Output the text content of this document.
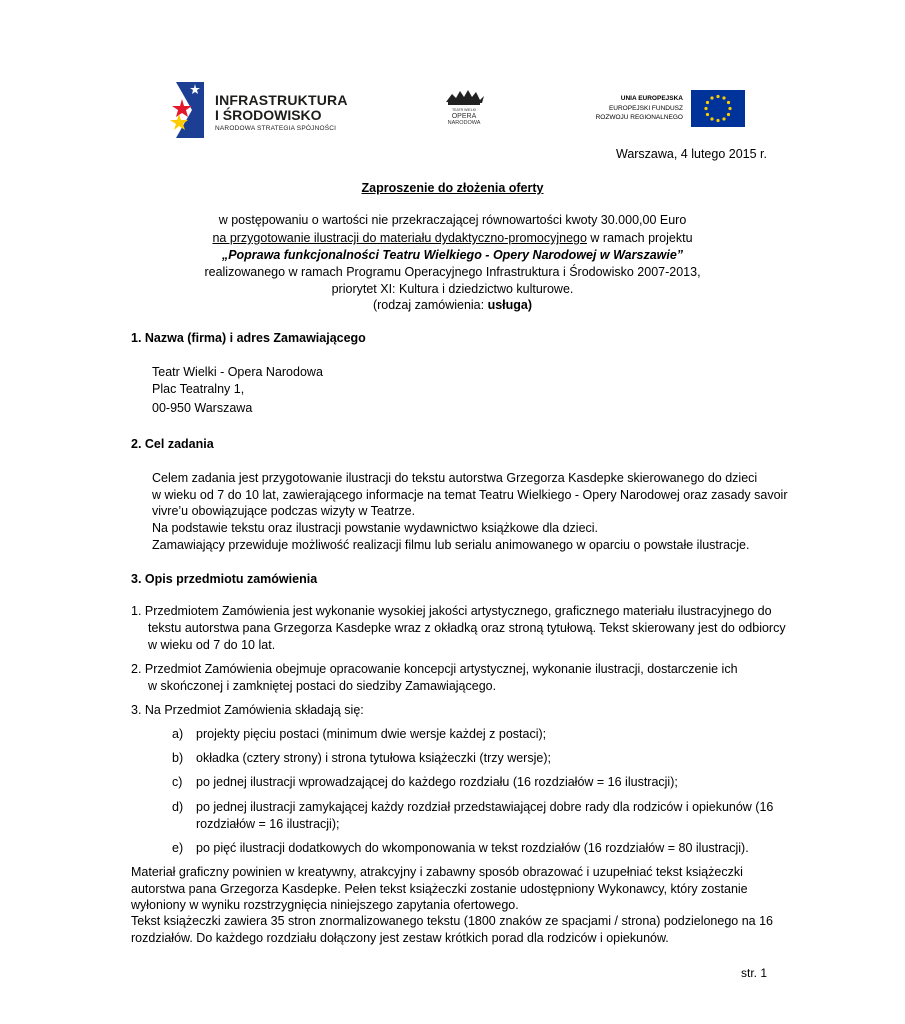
INFRASTRUKTURA
I ŚRODOWISKO
NARODOWA STRATEGIA SPÓJNOŚCI
TEATR WIELKI
OPERA
NARODOWA
UNIA EUROPEJSKA
EUROPEJSKI FUNDUSZ
ROZWOJU REGIONALNEGO
Warszawa, 4 lutego 2015 r.
Zaproszenie do złożenia oferty
w postępowaniu o wartości nie przekraczającej równowartości kwoty 30.000,00 Euro
na przygotowanie ilustracji do materiału dydaktyczno-promocyjnego w ramach projektu
„Poprawa funkcjonalności Teatru Wielkiego - Opery Narodowej w Warszawie”
realizowanego w ramach Programu Operacyjnego Infrastruktura i Środowisko 2007-2013,
priorytet XI: Kultura i dziedzictwo kulturowe.
(rodzaj zamówienia: usługa)
1. Nazwa (firma) i adres Zamawiającego
Teatr Wielki - Opera Narodowa
Plac Teatralny 1,
00-950 Warszawa
2. Cel zadania
Celem zadania jest przygotowanie ilustracji do tekstu autorstwa Grzegorza Kasdepke skierowanego do dzieci
w wieku od 7 do 10 lat, zawierającego informacje na temat Teatru Wielkiego - Opery Narodowej oraz zasady savoir
vivre’u obowiązujące podczas wizyty w Teatrze.
Na podstawie tekstu oraz ilustracji powstanie wydawnictwo książkowe dla dzieci.
Zamawiający przewiduje możliwość realizacji filmu lub serialu animowanego w oparciu o powstałe ilustracje.
3. Opis przedmiotu zamówienia
1. Przedmiotem Zamówienia jest wykonanie wysokiej jakości artystycznego, graficznego materiału ilustracyjnego do
tekstu autorstwa pana Grzegorza Kasdepke wraz z okładką oraz stroną tytułową. Tekst skierowany jest do odbiorcy
w wieku od 7 do 10 lat.
2. Przedmiot Zamówienia obejmuje opracowanie koncepcji artystycznej, wykonanie ilustracji, dostarczenie ich
w skończonej i zamkniętej postaci do siedziby Zamawiającego.
3. Na Przedmiot Zamówienia składają się:
a) projekty pięciu postaci (minimum dwie wersje każdej z postaci);
b) okładka (cztery strony) i strona tytułowa książeczki (trzy wersje);
c) po jednej ilustracji wprowadzającej do każdego rozdziału (16 rozdziałów = 16 ilustracji);
d) po jednej ilustracji zamykającej każdy rozdział przedstawiającej dobre rady dla rodziców i opiekunów (16
rozdziałów = 16 ilustracji);
e) po pięć ilustracji dodatkowych do wkomponowania w tekst rozdziałów (16 rozdziałów = 80 ilustracji).
Materiał graficzny powinien w kreatywny, atrakcyjny i zabawny sposób obrazować i uzupełniać tekst książeczki
autorstwa pana Grzegorza Kasdepke. Pełen tekst książeczki zostanie udostępniony Wykonawcy, który zostanie
wyłoniony w wyniku rozstrzygnięcia niniejszego zapytania ofertowego.
Tekst książeczki zawiera 35 stron znormalizowanego tekstu (1800 znaków ze spacjami / strona) podzielonego na 16
rozdziałów. Do każdego rozdziału dołączony jest zestaw krótkich porad dla rodziców i opiekunów.
str. 1
